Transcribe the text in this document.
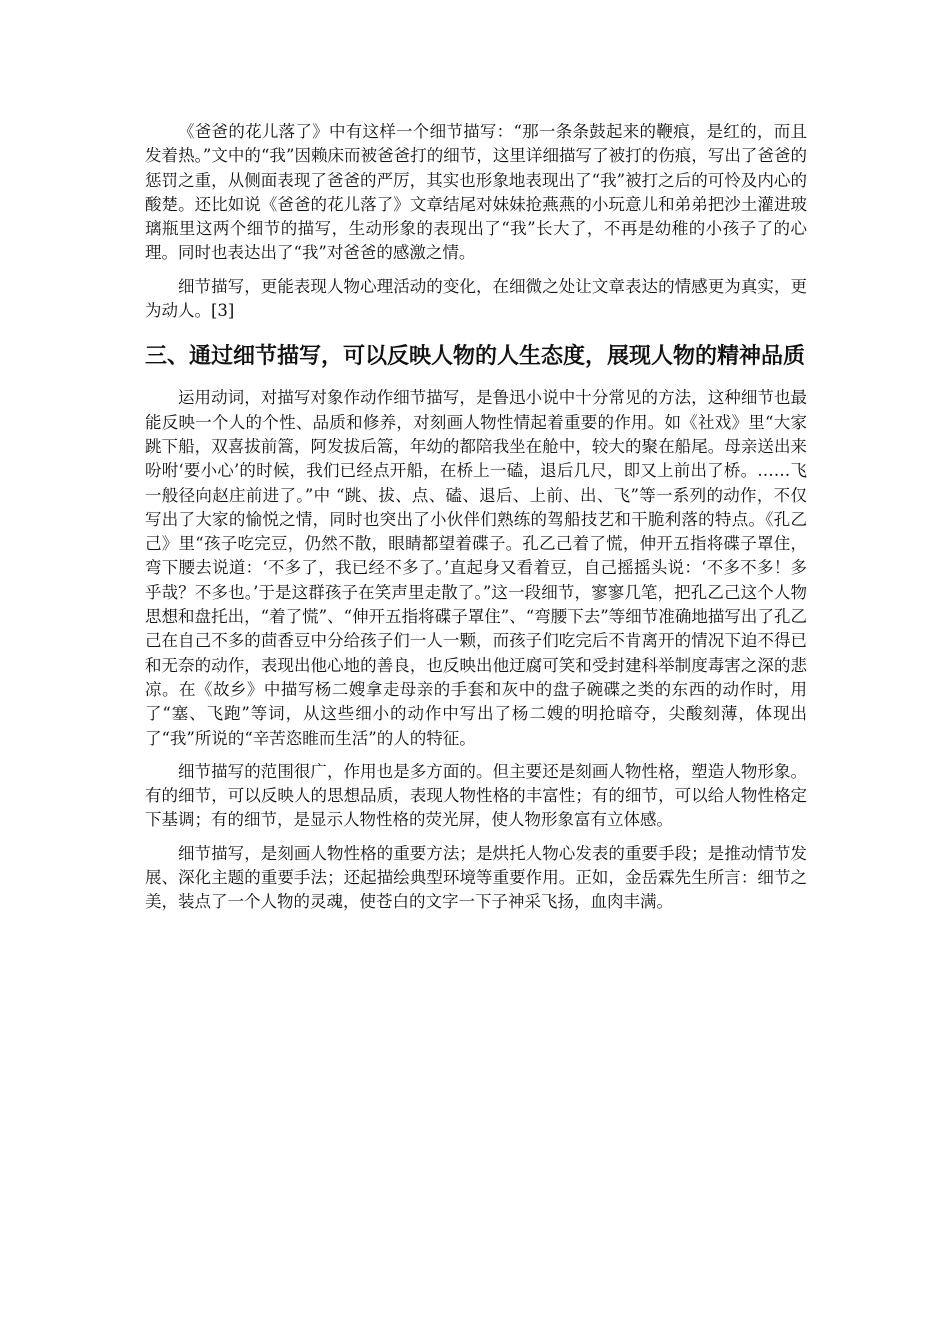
《爸爸的花儿落了》中有这样一个细节描写：“那一条条鼓起来的鞭痕，是红的，而且发着热。”文中的“我”因赖床而被爸爸打的细节，这里详细描写了被打的伤痕，写出了爸爸的惩罚之重，从侧面表现了爸爸的严厉，其实也形象地表现出了“我”被打之后的可怜及内心的酸楚。还比如说《爸爸的花儿落了》文章结尾对妹妹抢燕燕的小玩意儿和弟弟把沙土灌进玻璃瓶里这两个细节的描写，生动形象的表现出了“我”长大了，不再是幼稚的小孩子了的心理。同时也表达出了“我”对爸爸的感激之情。

细节描写，更能表现人物心理活动的变化，在细微之处让文章表达的情感更为真实，更为动人。[3]

三、通过细节描写，可以反映人物的人生态度，展现人物的精神品质

运用动词，对描写对象作动作细节描写，是鲁迅小说中十分常见的方法，这种细节也最能反映一个人的个性、品质和修养，对刻画人物性情起着重要的作用。如《社戏》里“大家跳下船，双喜拔前篙，阿发拔后篙，年幼的都陪我坐在舱中，较大的聚在船尾。母亲送出来吩咐‘要小心’的时候，我们已经点开船，在桥上一磕，退后几尺，即又上前出了桥。……飞一般径向赵庄前进了。”中 “跳、拔、点、磕、退后、上前、出、飞”等一系列的动作，不仅写出了大家的愉悦之情，同时也突出了小伙伴们熟练的驾船技艺和干脆利落的特点。《孔乙己》里“孩子吃完豆，仍然不散，眼睛都望着碟子。孔乙己着了慌，伸开五指将碟子罩住，弯下腰去说道：‘不多了，我已经不多了。’直起身又看着豆，自己摇摇头说：‘不多不多！多乎哉？不多也。’于是这群孩子在笑声里走散了。”这一段细节，寥寥几笔，把孔乙己这个人物思想和盘托出，“着了慌”、“伸开五指将碟子罩住”、“弯腰下去”等细节准确地描写出了孔乙己在自己不多的茴香豆中分给孩子们一人一颗，而孩子们吃完后不肯离开的情况下迫不得已和无奈的动作，表现出他心地的善良，也反映出他迂腐可笑和受封建科举制度毒害之深的悲凉。在《故乡》中描写杨二嫂拿走母亲的手套和灰中的盘子碗碟之类的东西的动作时，用了“塞、飞跑”等词，从这些细小的动作中写出了杨二嫂的明抢暗夺，尖酸刻薄，体现出了“我”所说的“辛苦恣睢而生活”的人的特征。

细节描写的范围很广，作用也是多方面的。但主要还是刻画人物性格，塑造人物形象。有的细节，可以反映人的思想品质，表现人物性格的丰富性；有的细节，可以给人物性格定下基调；有的细节，是显示人物性格的荧光屏，使人物形象富有立体感。

细节描写，是刻画人物性格的重要方法；是烘托人物心发表的重要手段；是推动情节发展、深化主题的重要手法；还起描绘典型环境等重要作用。正如，金岳霖先生所言：细节之美，装点了一个人物的灵魂，使苍白的文字一下子神采飞扬，血肉丰满。
